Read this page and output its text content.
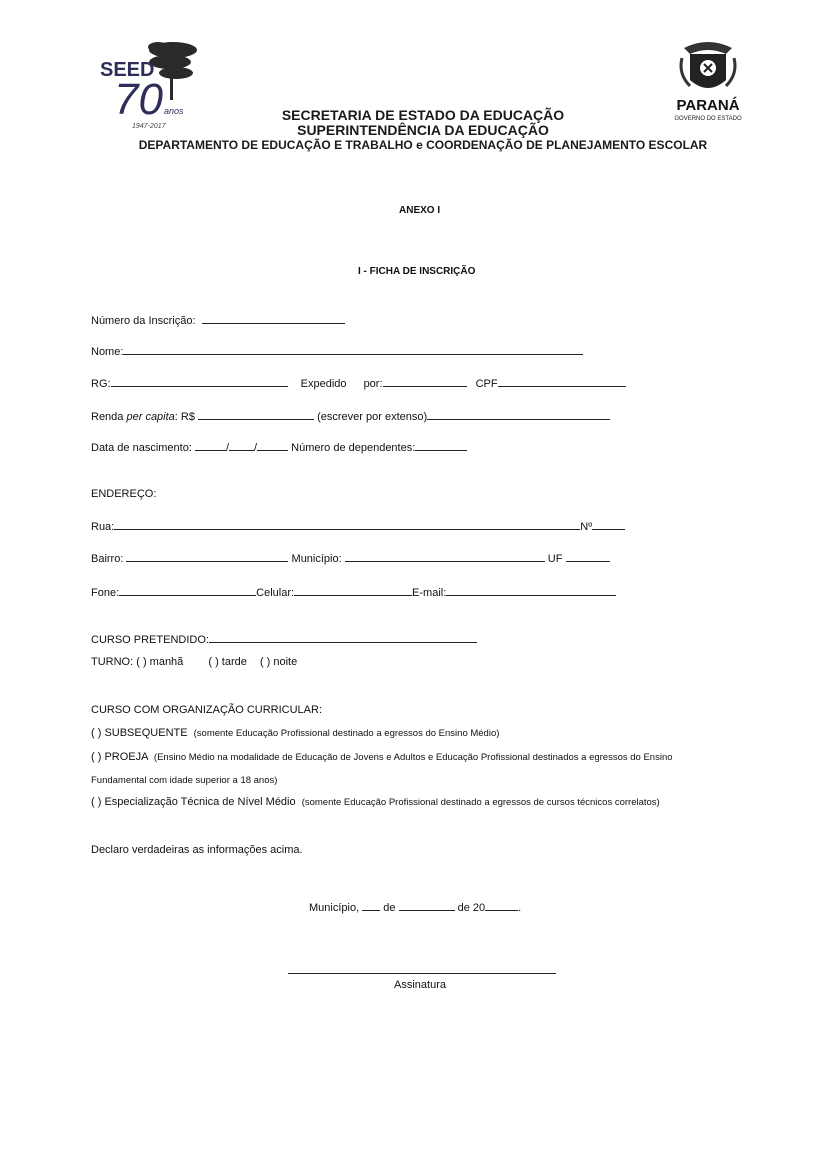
SEED
70 anos
1947-2017
PARANÁ
GOVERNO DO ESTADO
SECRETARIA DE ESTADO DA EDUCAÇÃO
SUPERINTENDÊNCIA DA EDUCAÇÃO
DEPARTAMENTO DE EDUCAÇÃO E TRABALHO e COORDENAÇÃO DE PLANEJAMENTO ESCOLAR
ANEXO I
I - FICHA DE INSCRIÇÃO
Número da Inscrição:
Nome:
RG:	Expedido por:	CPF
Renda per capita: R$	(escrever por extenso)
Data de nascimento:	/ /	Número de dependentes:
ENDEREÇO:
Rua:	Nº
Bairro:	Município:	UF
Fone:	Celular:	E-mail:
CURSO PRETENDIDO:
TURNO: ( ) manhã ( ) tarde ( ) noite
CURSO COM ORGANIZAÇÃO CURRICULAR:
( ) SUBSEQUENTE (somente Educação Profissional destinado a egressos do Ensino Médio)
( ) PROEJA (Ensino Médio na modalidade de Educação de Jovens e Adultos e Educação Profissional destinados a egressos do Ensino
Fundamental com idade superior a 18 anos)
( ) Especialização Técnica de Nível Médio (somente Educação Profissional destinado a egressos de cursos técnicos correlatos)
Declaro verdadeiras as informações acima.
Município, de	de 20	.
Assinatura
